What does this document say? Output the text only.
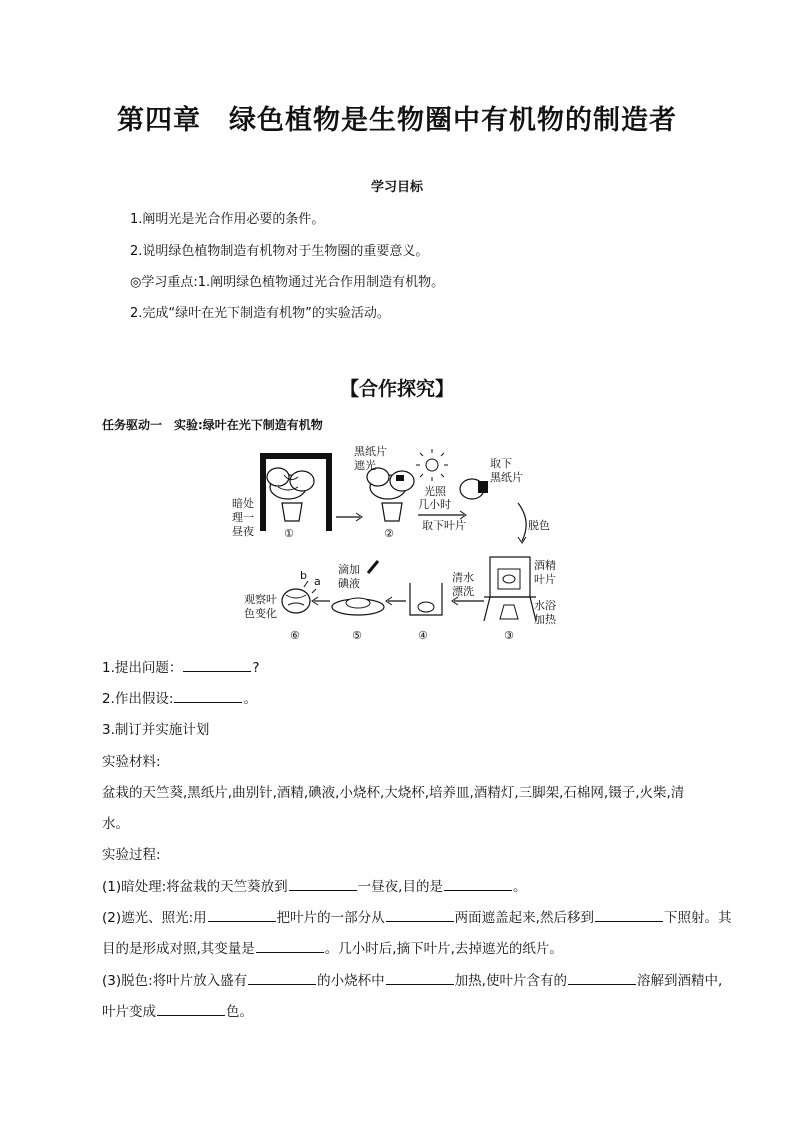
第四章　绿色植物是生物圈中有机物的制造者
学习目标
1.阐明光是光合作用必要的条件。
2.说明绿色植物制造有机物对于生物圈的重要意义。
◎学习重点:1.阐明绿色植物通过光合作用制造有机物。
2.完成“绿叶在光下制造有机物”的实验活动。
【合作探究】
任务驱动一　实验:绿叶在光下制造有机物
暗处
理一
昼夜	①
黑纸片
遮光
②
光照
几小时
取下叶片
取下
黑纸片
脱色
酒精
叶片
水浴
加热
③
清水
漂洗
④
滴加
碘液
⑤
b a
观察叶
色变化
⑥
1.提出问题：	?
2.作出假设:	。
3.制订并实施计划
实验材料:
盆栽的天竺葵,黑纸片,曲别针,酒精,碘液,小烧杯,大烧杯,培养皿,酒精灯,三脚架,石棉网,镊子,火柴,清
水。
实验过程:
(1)暗处理:将盆栽的天竺葵放到	一昼夜,目的是	。
(2)遮光、照光:用	把叶片的一部分从	两面遮盖起来,然后移到	下照射。其
目的是形成对照,其变量是	。几小时后,摘下叶片,去掉遮光的纸片。
(3)脱色:将叶片放入盛有	的小烧杯中	加热,使叶片含有的	溶解到酒精中,
叶片变成	色。
